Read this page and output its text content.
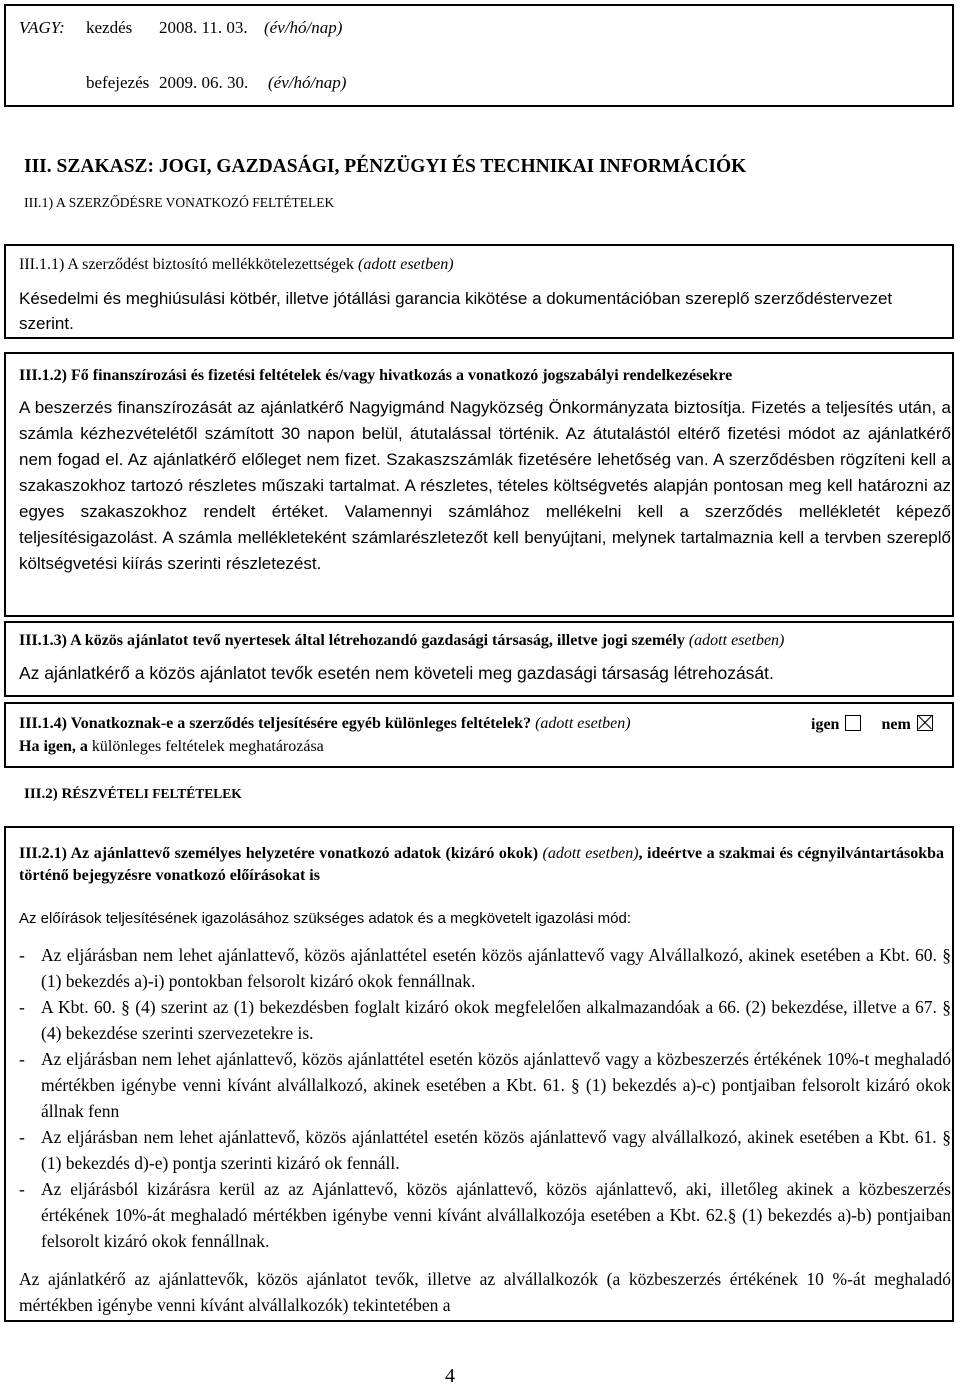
VAGY: kezdés 2008. 11. 03. (év/hó/nap)
befejezés 2009. 06. 30. (év/hó/nap)
III. SZAKASZ: JOGI, GAZDASÁGI, PÉNZÜGYI ÉS TECHNIKAI INFORMÁCIÓK
III.1) A SZERZŐDÉSRE VONATKOZÓ FELTÉTELEK
III.1.1) A szerződést biztosító mellékkötelezettségek (adott esetben)
Késedelmi és meghiúsulási kötbér, illetve jótállási garancia kikötése a dokumentációban szereplő szerződéstervezet szerint.
III.1.2) Fő finanszírozási és fizetési feltételek és/vagy hivatkozás a vonatkozó jogszabályi rendelkezésekre
A beszerzés finanszírozását az ajánlatkérő Nagyigmánd Nagyközség Önkormányzata biztosítja. Fizetés a teljesítés után, a számla kézhezvételétől számított 30 napon belül, átutalással történik. Az átutalástól eltérő fizetési módot az ajánlatkérő nem fogad el. Az ajánlatkérő előleget nem fizet. Szakaszszámlák fizetésére lehetőség van. A szerződésben rögzíteni kell a szakaszokhoz tartozó részletes műszaki tartalmat. A részletes, tételes költségvetés alapján pontosan meg kell határozni az egyes szakaszokhoz rendelt értéket. Valamennyi számlához mellékelni kell a szerződés mellékletét képező teljesítésigazolást. A számla mellékleteként számlarészletezőt kell benyújtani, melynek tartalmaznia kell a tervben szereplő költségvetési kiírás szerinti részletezést.
III.1.3) A közös ajánlatot tevő nyertesek által létrehozandó gazdasági társaság, illetve jogi személy (adott esetben)
Az ajánlatkérő a közös ajánlatot tevők esetén nem követeli meg gazdasági társaság létrehozását.
III.1.4) Vonatkoznak-e a szerződés teljesítésére egyéb különleges feltételek? (adott esetben)	igen	nem
Ha igen, a különleges feltételek meghatározása
III.2) RÉSZVÉTELI FELTÉTELEK
III.2.1) Az ajánlattevő személyes helyzetére vonatkozó adatok (kizáró okok) (adott esetben), ideértve a szakmai és cégnyilvántartásokba történő bejegyzésre vonatkozó előírásokat is
Az előírások teljesítésének igazolásához szükséges adatok és a megkövetelt igazolási mód:
- Az eljárásban nem lehet ajánlattevő, közös ajánlattétel esetén közös ajánlattevő vagy Alvállalkozó, akinek esetében a Kbt. 60. § (1) bekezdés a)-i) pontokban felsorolt kizáró okok fennállnak.
- A Kbt. 60. § (4) szerint az (1) bekezdésben foglalt kizáró okok megfelelően alkalmazandóak a 66. (2) bekezdése, illetve a 67. § (4) bekezdése szerinti szervezetekre is.
- Az eljárásban nem lehet ajánlattevő, közös ajánlattétel esetén közös ajánlattevő vagy a közbeszerzés értékének 10%-t meghaladó mértékben igénybe venni kívánt alvállalkozó, akinek esetében a Kbt. 61. § (1) bekezdés a)-c) pontjaiban felsorolt kizáró okok állnak fenn
- Az eljárásban nem lehet ajánlattevő, közös ajánlattétel esetén közös ajánlattevő vagy alvállalkozó, akinek esetében a Kbt. 61. § (1) bekezdés d)-e) pontja szerinti kizáró ok fennáll.
- Az eljárásból kizárásra kerül az az Ajánlattevő, közös ajánlattevő, közös ajánlattevő, aki, illetőleg akinek a közbeszerzés értékének 10%-át meghaladó mértékben igénybe venni kívánt alvállalkozója esetében a Kbt. 62.§ (1) bekezdés a)-b) pontjaiban felsorolt kizáró okok fennállnak.
Az ajánlatkérő az ajánlattevők, közös ajánlatot tevők, illetve az alvállalkozók (a közbeszerzés értékének 10 %-át meghaladó mértékben igénybe venni kívánt alvállalkozók) tekintetében a
4
